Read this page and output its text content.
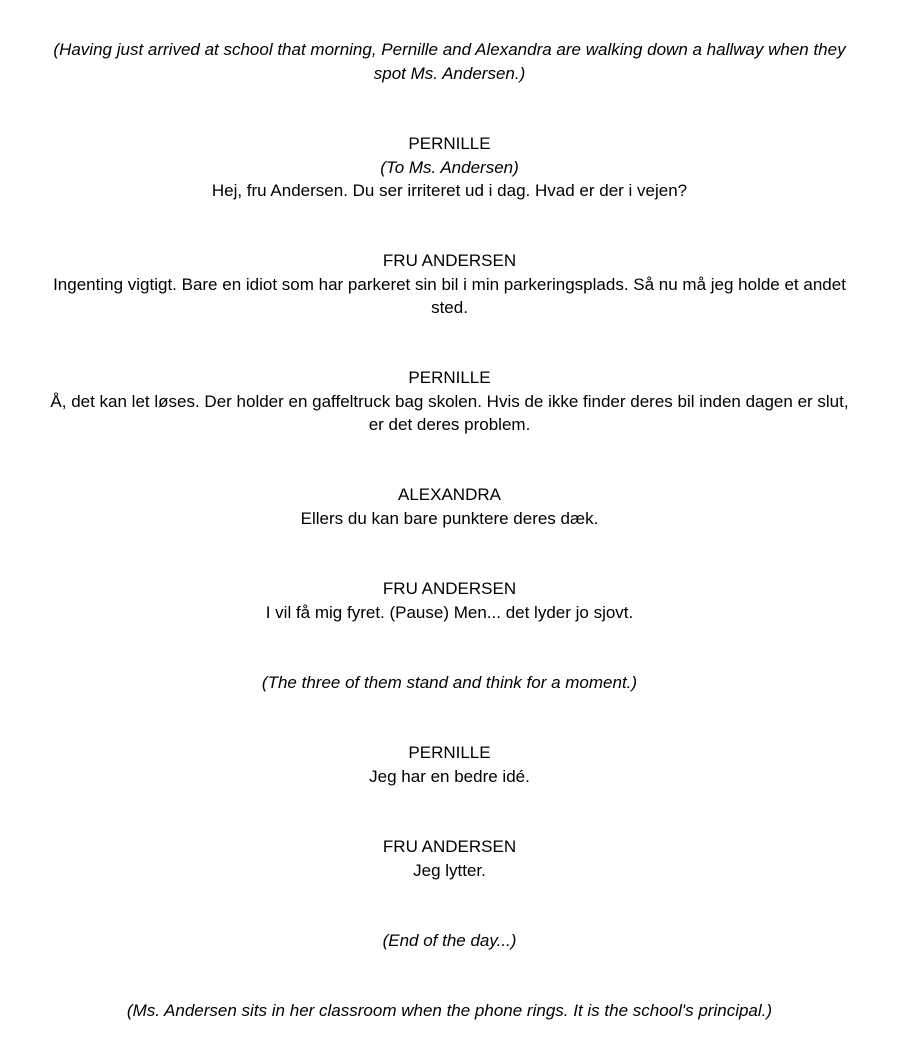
(Having just arrived at school that morning, Pernille and Alexandra are walking down a hallway when they
spot Ms. Andersen.)
PERNILLE
(To Ms. Andersen)
Hej, fru Andersen. Du ser irriteret ud i dag. Hvad er der i vejen?
FRU ANDERSEN
Ingenting vigtigt. Bare en idiot som har parkeret sin bil i min parkeringsplads. Så nu må jeg holde et andet
sted.
PERNILLE
Å, det kan let løses. Der holder en gaffeltruck bag skolen. Hvis de ikke finder deres bil inden dagen er slut,
er det deres problem.
ALEXANDRA
Ellers du kan bare punktere deres dæk.
FRU ANDERSEN
I vil få mig fyret. (Pause) Men... det lyder jo sjovt.
(The three of them stand and think for a moment.)
PERNILLE
Jeg har en bedre idé.
FRU ANDERSEN
Jeg lytter.
(End of the day...)
(Ms. Andersen sits in her classroom when the phone rings. It is the school's principal.)
